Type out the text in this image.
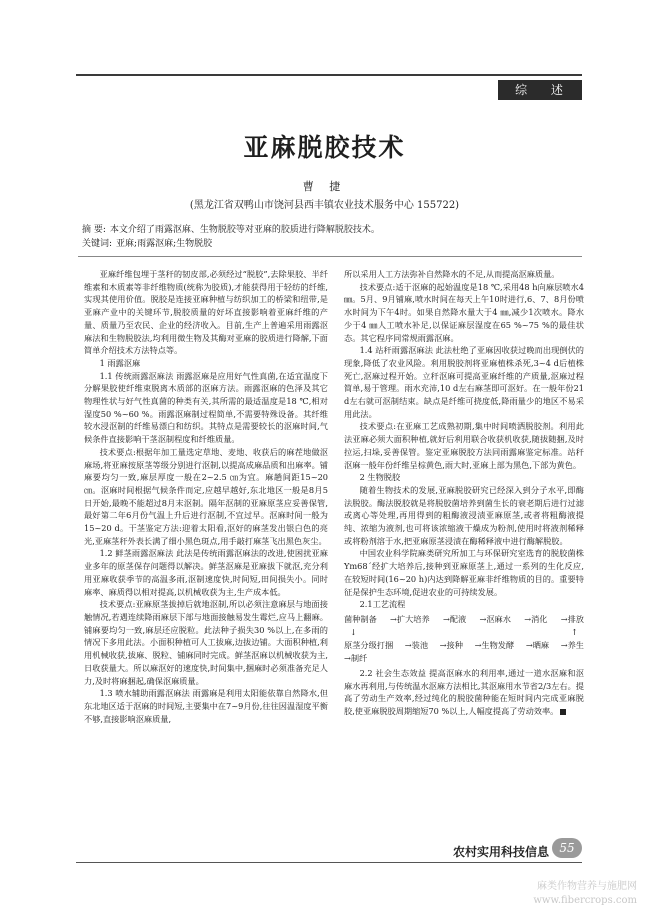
综 述
亚麻脱胶技术
曹 捷
(黑龙江省双鸭山市饶河县西丰镇农业技术服务中心 155722)
摘 要: 本文介绍了雨露沤麻、生物脱胶等对亚麻的胶质进行降解脱胶技术。
关键词: 亚麻;雨露沤麻;生物脱胶

亚麻纤维包埋于茎秆的韧皮部,必须经过“脱胶”,去除果胶、半纤维素和木质素等非纤维物质(统称为胶质),才能获得用于轻纺的纤维,实现其使用价值。脱胶是连接亚麻种植与纺织加工的桥梁和纽带,是亚麻产业中的关键环节,脱胶质量的好坏直接影响着亚麻纤维的产量、质量乃至农民、企业的经济收入。目前,生产上普遍采用雨露沤麻法和生物脱胶法,均利用微生物及其酶对亚麻的胶质进行降解,下面简单介绍技术方法特点等。

1 雨露沤麻

1.1 传统雨露沤麻法 雨露沤麻是应用好气性真菌,在适宜温度下分解果胶使纤维束脱离木质部的沤麻方法。雨露沤麻的色泽及其它物理性状与好气性真菌的种类有关,其所需的最适温度是18 ℃,相对湿度50 %~60 %。雨露沤麻制过程简单,不需要特殊设备。其纤维较水浸沤制的纤维易漂白和纺织。其特点是需要较长的沤麻时间,气候条件直接影响干茎沤制程度和纤维质量。

技术要点:根据年加工量选定草地、麦地、收获后的麻茬地做沤麻场,将亚麻按原茎等级分别进行沤制,以提高成麻品质和出麻率。铺麻要均匀一致,麻层厚度一般在2~2.5 ㎝为宜。麻趟间距15~20 ㎝。沤麻时间根据气候条件而定,应越早越好,东北地区一般是8月5日开始,最晚不能超过8月末沤制。隔年沤制的亚麻原茎应妥善保管,最好第二年6月份气温上升后进行沤制,不宜过早。沤麻时间一般为15~20 d。干茎鉴定方法:迎着太阳看,沤好的麻茎发出银白色的亮光,亚麻茎秆外表长满了细小黑色斑点,用手敲打麻茎飞出黑色灰尘。

1.2 鲜茎雨露沤麻法 此法是传统雨露沤麻法的改进,使困扰亚麻业多年的原茎保存问题得以解决。鲜茎沤麻是亚麻拔下就沤,充分利用亚麻收获季节的高温多雨,沤制速度快,时间短,田间损失小。同时麻率、麻质得以相对提高,以机械收获为主,生产成本低。

技术要点:亚麻原茎拔掉后就地沤制,所以必须注意麻层与地面接触情况,若遇连续降雨麻层下部与地面接触易发生霉烂,应马上翻麻。铺麻要均匀一致,麻层还应脱粒。此法种子损失30 %以上,在多雨的情况下多用此法。小面积种植可人工拔麻,边拔边铺。大面积种植,利用机械收获,拔麻、脱粒、铺麻同时完成。鲜茎沤麻以机械收获为主,日收获量大。所以麻沤好的速度快,时间集中,捆麻时必须准备充足人力,及时将麻捆起,确保沤麻质量。

1.3 喷水辅助雨露沤麻法 雨露麻是利用太阳能依靠自然降水,但东北地区适于沤麻的时间短,主要集中在7~9月份,往往因温湿度平衡不够,直接影响沤麻质量,

所以采用人工方法弥补自然降水的不足,从而提高沤麻质量。

技术要点:适于沤麻的起始温度是18 ℃,采用48 h向麻层喷水4 ㎜。5月、9月铺麻,喷水时间在每天上午10时进行,6、7、8月份喷水时间为下午4时。如果自然降水量大于4 ㎜,减少1次喷水。降水少于4 ㎜人工喷水补足,以保证麻层湿度在65 %~75 %的最佳状态。其它程序同常规雨露沤麻。

1.4 站秆雨露沤麻法 此法杜绝了亚麻因收获过晚而出现倒伏的现象,降低了农业风险。利用脱胶剂将亚麻植株杀死,3~4 d后植株死亡,沤麻过程开始。立秆沤麻可提高亚麻纤维的产质量,沤麻过程简单,易于管理。雨水充沛,10 d左右麻茎即可沤好。在一般年份21 d左右就可沤制结束。缺点是纤维可挠度低,降雨量少的地区不易采用此法。

技术要点:在亚麻工艺成熟初期,集中时间喷洒脱胶剂。利用此法亚麻必须大面积种植,就好后利用联合收获机收获,随拔随捆,及时拉运,扫垛,妥善保管。鉴定亚麻脱胶方法同雨露麻鉴定标准。站秆沤麻一般年份纤维呈棕黄色,雨大时,亚麻上部为黑色,下部为黄色。

2 生物脱胶

随着生物技术的发展,亚麻脱胶研究已经深入到分子水平,即酶法脱胶。酶法脱胶就是将脱胶菌培养到菌生长的衰老期后进行过滤或离心等处理,再用得到的粗酶液浸渍亚麻原茎,或者将粗酶液提纯、浓缩为液剂,也可将该浓缩液干燥成为粉剂,使用时将液剂稀释或将粉剂溶于水,把亚麻原茎浸渍在酶稀释液中进行酶解脱胶。

中国农业科学院麻类研究所加工与环保研究室选育的脱胶菌株Ym68´经扩大培养后,接种到亚麻原茎上,通过一系列的生化反应,在较短时间(16~20 h)内达到降解亚麻非纤维物质的目的。重要特征是保护生态环境,促进农业的可持续发展。

2.1工艺流程

菌种制备 →扩大培养 →配液 →沤麻水 →消化 →排放
↓	↑
原茎分级打捆 →装池 →接种 →生物发酵 →晒麻 →养生
→制纤

2.2 社会生态效益 提高沤麻水的利用率,通过一道水沤麻和沤麻水再利用,与传统温水沤麻方法相比,其沤麻用水节省2/3左右。提高了劳动生产效率,经过纯化的脱胶菌种能在短时间内完成亚麻脱胶,使亚麻脱胶周期缩短70 %以上,人幅度提高了劳动效率。

农村实用科技信息 55
麻类作物营养与施肥网
www.fibercrops.com
